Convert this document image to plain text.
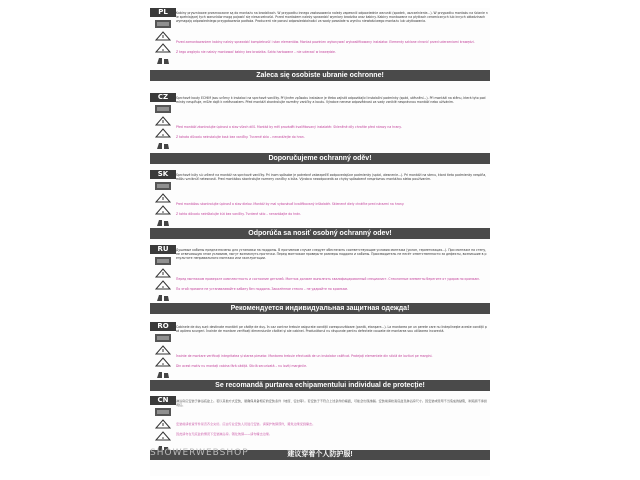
PL	Kabiny prysznicowe przeznaczone są do montażu na brodzikach. W przypadku innego zastosowania należy zapewnić odpowiednie warunki (spadek, uszczelnienie...). W przypadku montażu na ścianie nie spełniającej tych warunków mogą pojawić się nieszczelności. Przed montażem należy sprawdzić wymiary brodzika oraz kabiny. Kabiny montowane na płytkach ceramicznych lub innych okładzinach wymagają odpowiedniego przygotowania podłoża. Producent nie ponosi odpowiedzialności za wady powstałe w wyniku niewłaściwego montażu lub użytkowania.

Przed zamontowaniem kabiny należy sprawdzić kompletność i stan elementów. Montaż powinien wykonywać wykwalifikowany instalator. Elementy szklane chronić przed uderzeniami krawędzi.

Z tego względu nie należy montować kabiny bez brodzika. Szkło hartowane – nie uderzać w krawędzie.

Zaleca się osobiste ubranie ochronne!
CZ	Sprchové kouty ECHIM jsou určeny k instalaci na sprchové vaničky. Při jiném způsobu instalace je třeba zajistit odpovídající instalační podmínky (spád, utěsnění...). Při montáži na stěnu, která tyto podmínky nesplňuje, může dojít k netěsnostem. Před montáží zkontrolujte rozměry vaničky a koutu. Výrobce nenese odpovědnost za vady vzniklé nesprávnou montáží nebo užíváním.

Před montáží zkontrolujte úplnost a stav všech dílů. Montáž by měl provádět kvalifikovaný instalatér. Skleněné díly chraňte před nárazy na hrany.

Z tohoto důvodu neinstalujte kout bez vaničky. Tvrzené sklo – nenarážejte do hran.

Doporučujeme ochranný oděv!
SK	Sprchové kúty sú určené na montáž na sprchové vaničky. Pri inom spôsobe je potrebné zabezpečiť zodpovedajúce podmienky (spád, utesnenie...). Pri montáži na stenu, ktorá tieto podmienky nespĺňa, môžu vzniknúť netesnosti. Pred montážou skontrolujte rozmery vaničky a kúta. Výrobca nezodpovedá za chyby spôsobené nesprávnou montážou alebo používaním.

Pred montážou skontrolujte úplnosť a stav dielov. Montáž by mal vykonávať kvalifikovaný inštalatér. Sklenené diely chráňte pred nárazmi na hrany.

Z tohto dôvodu neinštalujte kút bez vaničky. Tvrdené sklo – nenarážajte do hrán.

Odporúča sa nosiť osobný ochranný odev!
RU	Душевые кабины предназначены для установки на поддоны. В противном случае следует обеспечить соответствующие условия монтажа (уклон, герметизация...). При монтаже на стену, не отвечающую этим условиям, могут возникнуть протечки. Перед монтажом проверьте размеры поддона и кабины. Производитель не несёт ответственности за дефекты, возникшие в результате неправильного монтажа или эксплуатации.

Перед монтажом проверьте комплектность и состояние деталей. Монтаж должен выполнять квалифицированный специалист. Стеклянные элементы берегите от ударов по кромкам.

По этой причине не устанавливайте кабину без поддона. Закалённое стекло – не ударяйте по кромкам.

Рекомендуется индивидуальная защитная одежда!
RO	Cabinele de duș sunt destinate montării pe cădițe de duș. În caz contrar trebuie asigurate condiții corespunzătoare (pantă, etanșare...). La montarea pe un perete care nu îndeplinește aceste condiții pot apărea scurgeri. Înainte de montare verificați dimensiunile căditei și ale cabinei. Producătorul nu răspunde pentru defectele cauzate de montarea sau utilizarea incorectă.

Înainte de montare verificați integritatea și starea pieselor. Montarea trebuie efectuată de un instalator calificat. Protejați elementele din sticlă de lovituri pe margini.

Din acest motiv nu montați cabina fără cădiță. Sticlă securizată – nu loviți marginile.

Se recomandă purtarea echipamentului individual de protecție!
CN	淋浴房应安装于淋浴底盆上。若以其他方式安装，须确保具备相应的安装条件（坡度、密封等）。若安装于不符合上述条件的墙面，可能会出现渗漏。安装前请检查底盆及淋浴房尺寸。因安装或使用不当造成的缺陷，制造商不承担责任。

安装前请检查零件是否齐全完好。应由专业安装人员进行安装。请保护玻璃部件，避免边缘受到撞击。

因此请勿在无底盆的情况下安装淋浴房。钢化玻璃——请勿撞击边缘。

建议穿着个人防护服!
SHOWERWEBSHOP
